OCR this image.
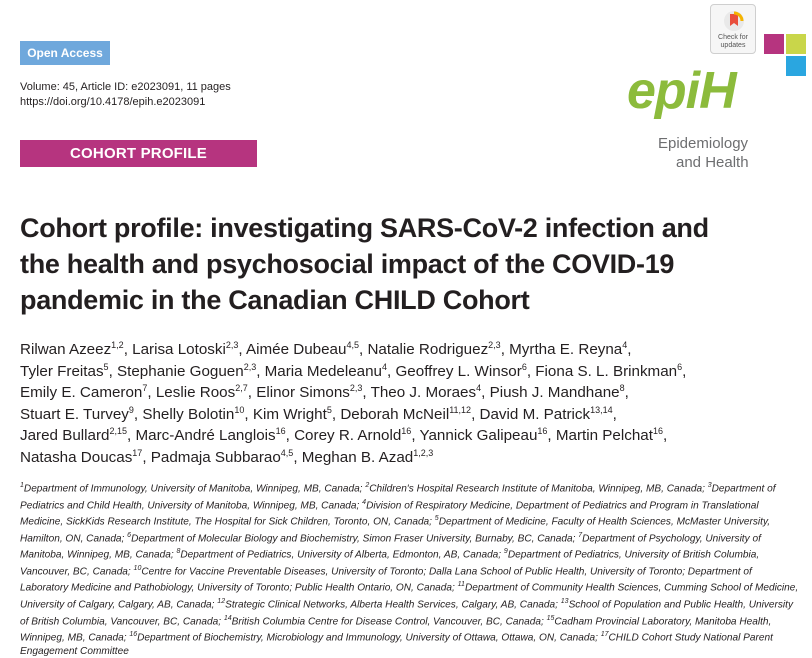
Open Access
Volume: 45, Article ID: e2023091, 11 pages
https://doi.org/10.4178/epih.e2023091
COHORT PROFILE
Check for
updates
epiH
Epidemiology
and Health
Cohort profile: investigating SARS-CoV-2 infection and
the health and psychosocial impact of the COVID-19
pandemic in the Canadian CHILD Cohort
Rilwan Azeez$^{1,2}$, Larisa Lotoski$^{2,3}$, Aimée Dubeau$^{4,5}$, Natalie Rodriguez$^{2,3}$, Myrtha E. Reyna$^4$,
Tyler Freitas$^5$, Stephanie Goguen$^{2,3}$, Maria Medeleanu$^4$, Geoffrey L. Winsor$^6$, Fiona S. L. Brinkman$^6$,
Emily E. Cameron$^7$, Leslie Roos$^{2,7}$, Elinor Simons$^{2,3}$, Theo J. Moraes$^4$, Piush J. Mandhane$^8$,
Stuart E. Turvey$^9$, Shelly Bolotin$^{10}$, Kim Wright$^5$, Deborah McNeil$^{11,12}$, David M. Patrick$^{13,14}$,
Jared Bullard$^{2,15}$, Marc-André Langlois$^{16}$, Corey R. Arnold$^{16}$, Yannick Galipeau$^{16}$, Martin Pelchat$^{16}$,
Natasha Doucas$^{17}$, Padmaja Subbarao$^{4,5}$, Meghan B. Azad$^{1,2,3}$
$^1$Department of Immunology, University of Manitoba, Winnipeg, MB, Canada; $^2$Children's Hospital Research Institute of Manitoba, Winnipeg, MB, Canada; $^3$Department of Pediatrics and Child Health, University of Manitoba, Winnipeg, MB, Canada; $^4$Division of Respiratory Medicine, Department of Pediatrics and Program in Translational Medicine, SickKids Research Institute, The Hospital for Sick Children, Toronto, ON, Canada; $^5$Department of Medicine, Faculty of Health Sciences, McMaster University, Hamilton, ON, Canada; $^6$Department of Molecular Biology and Biochemistry, Simon Fraser University, Burnaby, BC, Canada; $^7$Department of Psychology, University of Manitoba, Winnipeg, MB, Canada; $^8$Department of Pediatrics, University of Alberta, Edmonton, AB, Canada; $^9$Department of Pediatrics, University of British Columbia, Vancouver, BC, Canada; $^{10}$Centre for Vaccine Preventable Diseases, University of Toronto; Dalla Lana School of Public Health, University of Toronto; Department of Laboratory Medicine and Pathobiology, University of Toronto; Public Health Ontario, ON, Canada; $^{11}$Department of Community Health Sciences, Cumming School of Medicine, University of Calgary, Calgary, AB, Canada; $^{12}$Strategic Clinical Networks, Alberta Health Services, Calgary, AB, Canada; $^{13}$School of Population and Public Health, University of British Columbia, Vancouver, BC, Canada; $^{14}$British Columbia Centre for Disease Control, Vancouver, BC, Canada; $^{15}$Cadham Provincial Laboratory, Manitoba Health, Winnipeg, MB, Canada; $^{16}$Department of Biochemistry, Microbiology and Immunology, University of Ottawa, Ottawa, ON, Canada; $^{17}$CHILD Cohort Study National Parent Engagement Committee
